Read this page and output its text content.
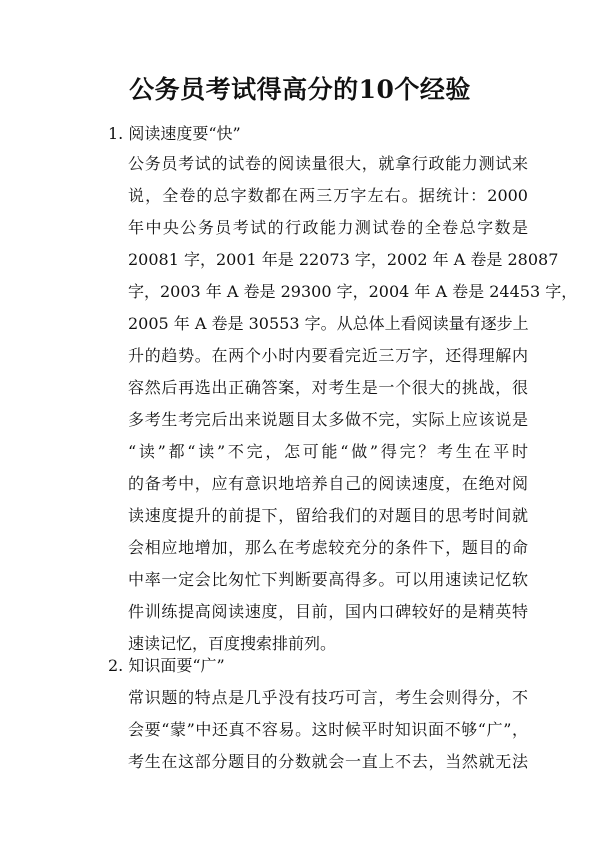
公务员考试得高分的10个经验
1. 阅读速度要“快”
公务员考试的试卷的阅读量很大，就拿行政能力测试来
说，全卷的总字数都在两三万字左右。据统计：2000
年中央公务员考试的行政能力测试卷的全卷总字数是
20081 字，2001 年是 22073 字，2002 年 A 卷是 28087
字，2003 年 A 卷是 29300 字，2004 年 A 卷是 24453 字，
2005 年 A 卷是 30553 字。从总体上看阅读量有逐步上
升的趋势。在两个小时内要看完近三万字，还得理解内
容然后再选出正确答案，对考生是一个很大的挑战，很
多考生考完后出来说题目太多做不完，实际上应该说是
“读”都“读”不完，怎可能“做”得完？考生在平时
的备考中，应有意识地培养自己的阅读速度，在绝对阅
读速度提升的前提下，留给我们的对题目的思考时间就
会相应地增加，那么在考虑较充分的条件下，题目的命
中率一定会比匆忙下判断要高得多。可以用速读记忆软
件训练提高阅读速度，目前，国内口碑较好的是精英特
速读记忆，百度搜索排前列。
2. 知识面要“广”
常识题的特点是几乎没有技巧可言，考生会则得分，不
会要“蒙”中还真不容易。这时候平时知识面不够“广”，
考生在这部分题目的分数就会一直上不去，当然就无法
